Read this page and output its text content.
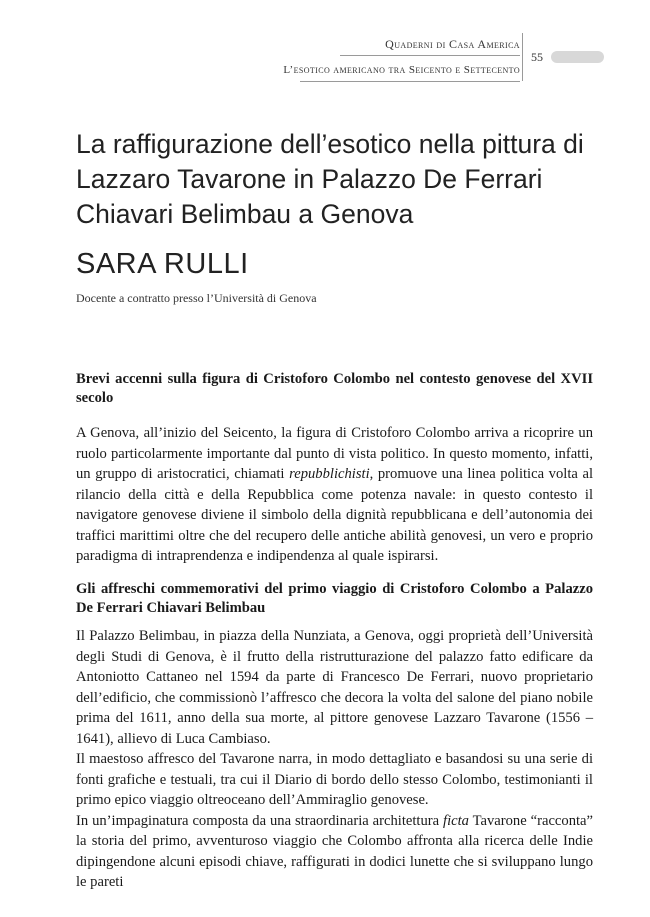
Quaderni di Casa America
L’esotico americano tra Seicento e Settecento
55
La raffigurazione dell’esotico nella pittura di Lazzaro Tavarone in Palazzo De Ferrari Chiavari Belimbau a Genova
SARA RULLI
Docente a contratto presso l’Università di Genova
Brevi accenni sulla figura di Cristoforo Colombo nel contesto genovese del XVII secolo

A Genova, all’inizio del Seicento, la figura di Cristoforo Colombo arriva a ricoprire un ruolo particolarmente importante dal punto di vista politico. In questo momento, infatti, un gruppo di aristocratici, chiamati repubblichisti, promuove una linea politica volta al rilancio della città e della Repubblica come potenza navale: in questo contesto il navigatore genovese diviene il simbolo della dignità repubblicana e dell’autonomia dei traffici marittimi oltre che del recupero delle antiche abilità genovesi, un vero e proprio paradigma di intraprendenza e indipendenza al quale ispirarsi.

Gli affreschi commemorativi del primo viaggio di Cristoforo Colombo a Palazzo De Ferrari Chiavari Belimbau

Il Palazzo Belimbau, in piazza della Nunziata, a Genova, oggi proprietà dell’Università degli Studi di Genova, è il frutto della ristrutturazione del palazzo fatto edificare da Antoniotto Cattaneo nel 1594 da parte di Francesco De Ferrari, nuovo proprietario dell’edificio, che commissionò l’affresco che decora la volta del salone del piano nobile prima del 1611, anno della sua morte, al pittore genovese Lazzaro Tavarone (1556 – 1641), allievo di Luca Cambiaso.

Il maestoso affresco del Tavarone narra, in modo dettagliato e basandosi su una serie di fonti grafiche e testuali, tra cui il Diario di bordo dello stesso Colombo, testimonianti il primo epico viaggio oltreoceano dell’Ammiraglio genovese.

In un’impaginatura composta da una straordinaria architettura ficta Tavarone “racconta” la storia del primo, avventuroso viaggio che Colombo affronta alla ricerca delle Indie dipingendone alcuni episodi chiave, raffigurati in dodici lunette che si sviluppano lungo le pareti
